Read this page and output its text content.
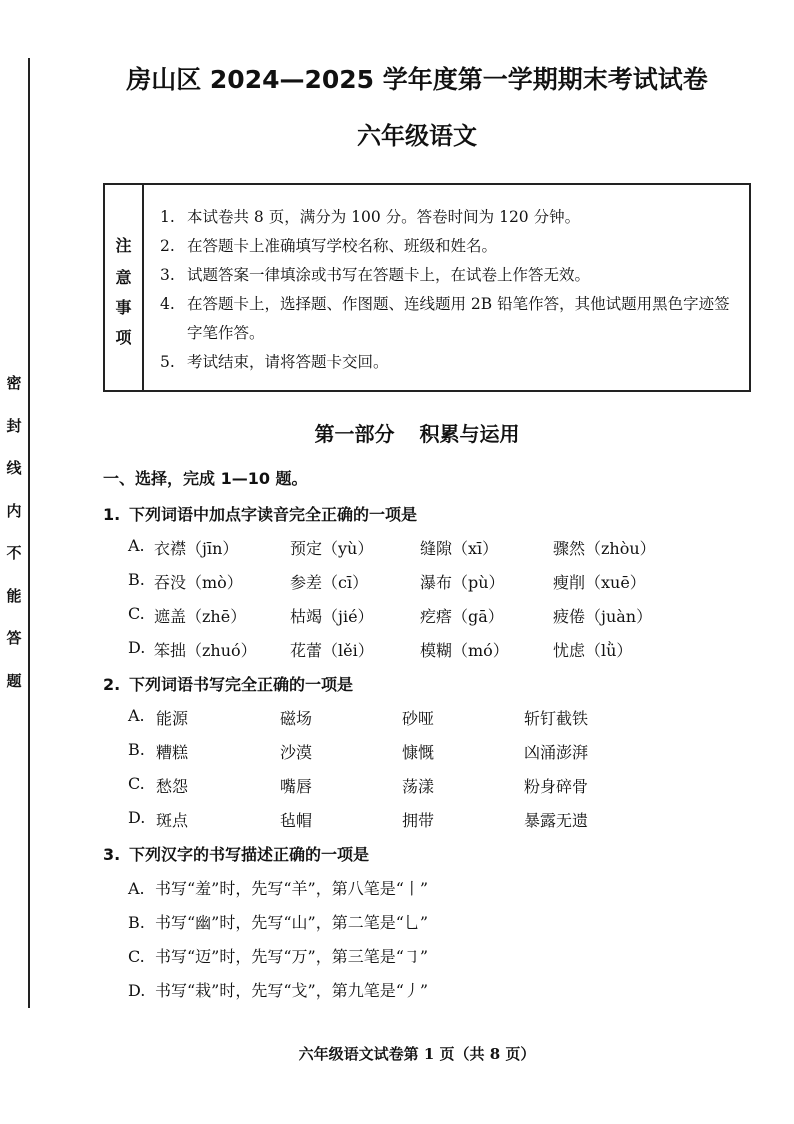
密
封
线
内
不
能
答
题
房山区 2024—2025 学年度第一学期期末考试试卷
六年级语文
注
意
事
项
1. 本试卷共 8 页，满分为 100 分。答卷时间为 120 分钟。
2. 在答题卡上准确填写学校名称、班级和姓名。
3. 试题答案一律填涂或书写在答题卡上，在试卷上作答无效。
4. 在答题卡上，选择题、作图题、连线题用 2B 铅笔作答，其他试题用黑色字迹签字笔作答。
5. 考试结束，请将答题卡交回。
第一部分 积累与运用
一、选择，完成 1—10 题。
1. 下列词语中加点字读音完全正确的一项是
A. 衣襟（jīn）	预定（yù）	缝隙（xī）	骤然（zhòu）
B. 吞没（mò）	参差（cī）	瀑布（pù）	瘦削（xuē）
C. 遮盖（zhē）	枯竭（jié）	疙瘩（gā）	疲倦（juàn）
D. 笨拙（zhuó） 花蕾（lěi）	模糊（mó）	忧虑（lǜ）
2. 下列词语书写完全正确的一项是
A. 能源	磁场	砂哑	斩钉截铁
B. 糟糕	沙漠	慷慨	凶涌澎湃
C. 愁怨	嘴唇	荡漾	粉身碎骨
D. 斑点	毡帽	拥带	暴露无遗
3. 下列汉字的书写描述正确的一项是
A. 书写“羞”时，先写“羊”，第八笔是“丨”
B. 书写“幽”时，先写“山”，第二笔是“乚”
C. 书写“迈”时，先写“万”，第三笔是“㇆”
D. 书写“栽”时，先写“戈”，第九笔是“丿”
六年级语文试卷第 1 页（共 8 页）
